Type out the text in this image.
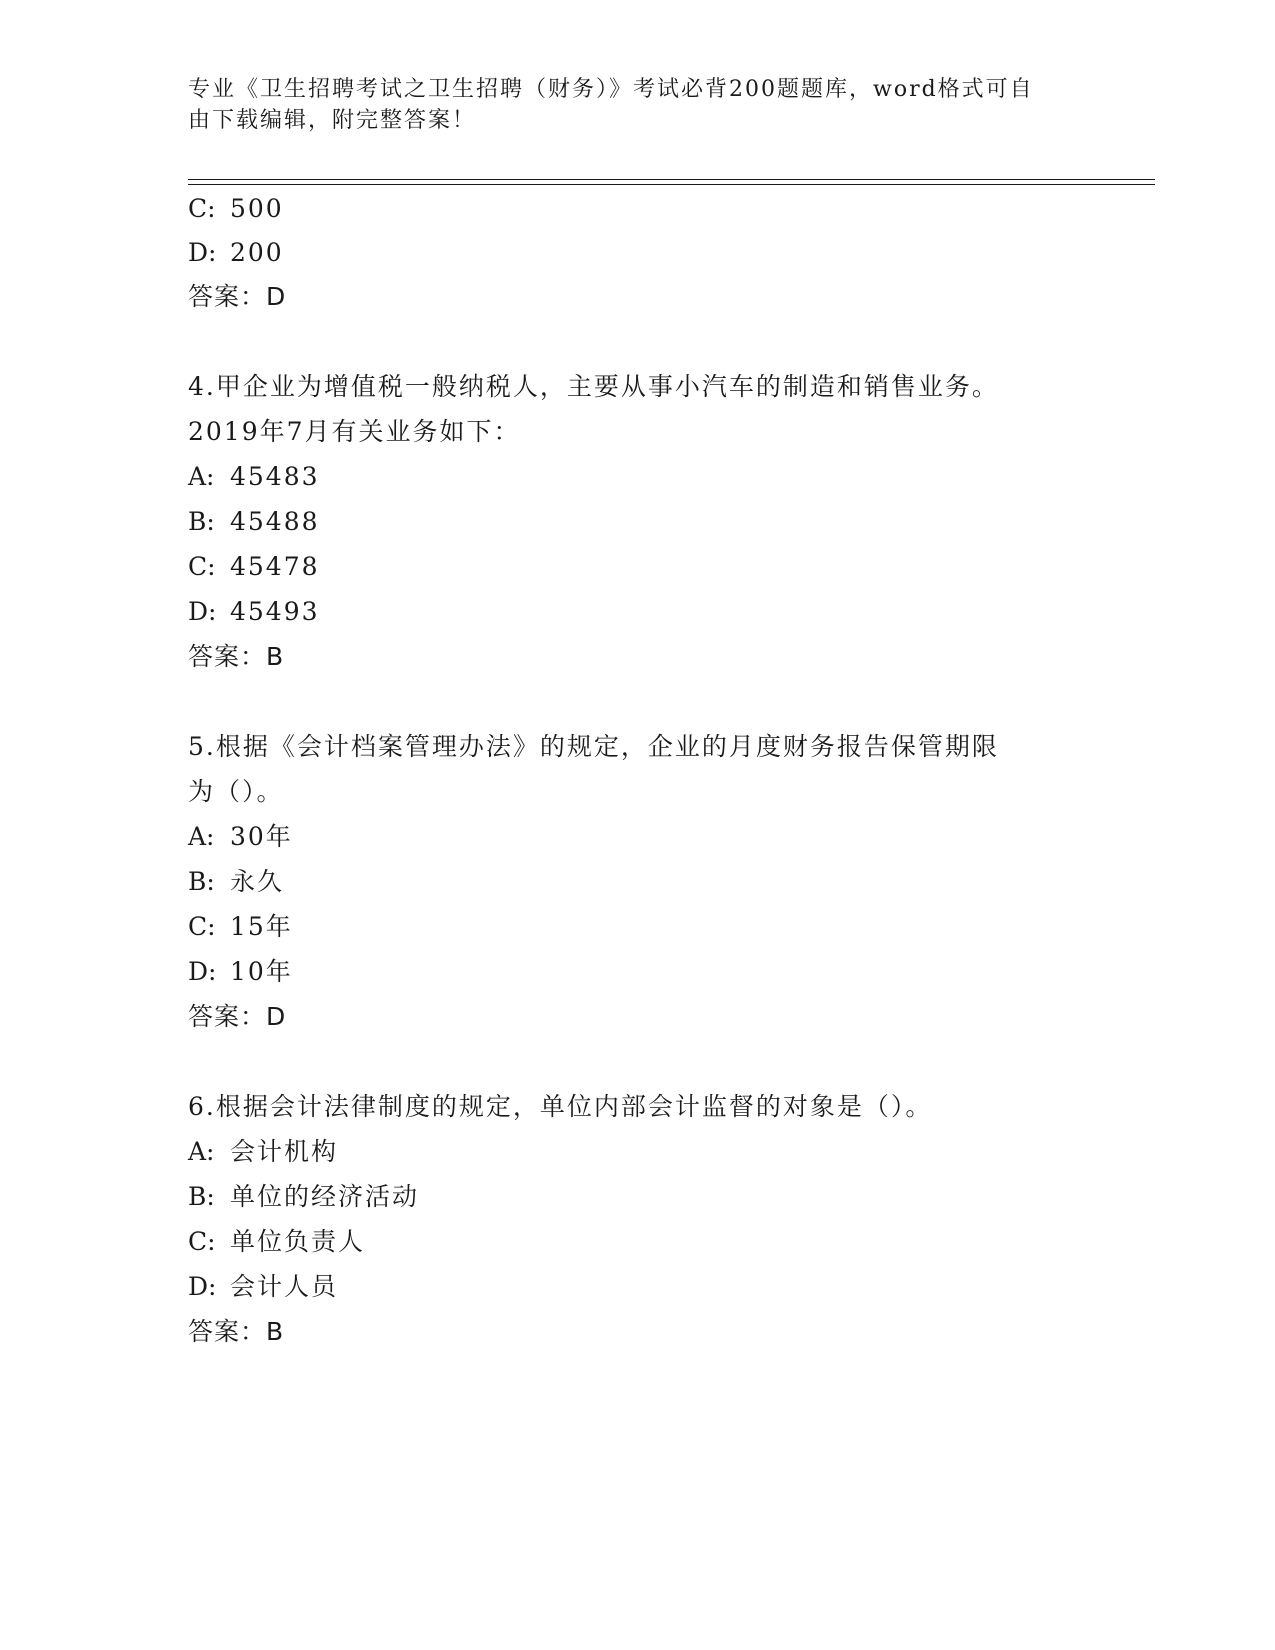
专业《卫生招聘考试之卫生招聘（财务）》考试必背200题题库，word格式可自
由下载编辑，附完整答案！
C: 500
D: 200
答案：D
4.甲企业为增值税一般纳税人，主要从事小汽车的制造和销售业务。
2019年7月有关业务如下：
A: 45483
B: 45488
C: 45478
D: 45493
答案：B
5.根据《会计档案管理办法》的规定，企业的月度财务报告保管期限
为（）。
A: 30年
B: 永久
C: 15年
D: 10年
答案：D
6.根据会计法律制度的规定，单位内部会计监督的对象是（）。
A: 会计机构
B: 单位的经济活动
C: 单位负责人
D: 会计人员
答案：B
